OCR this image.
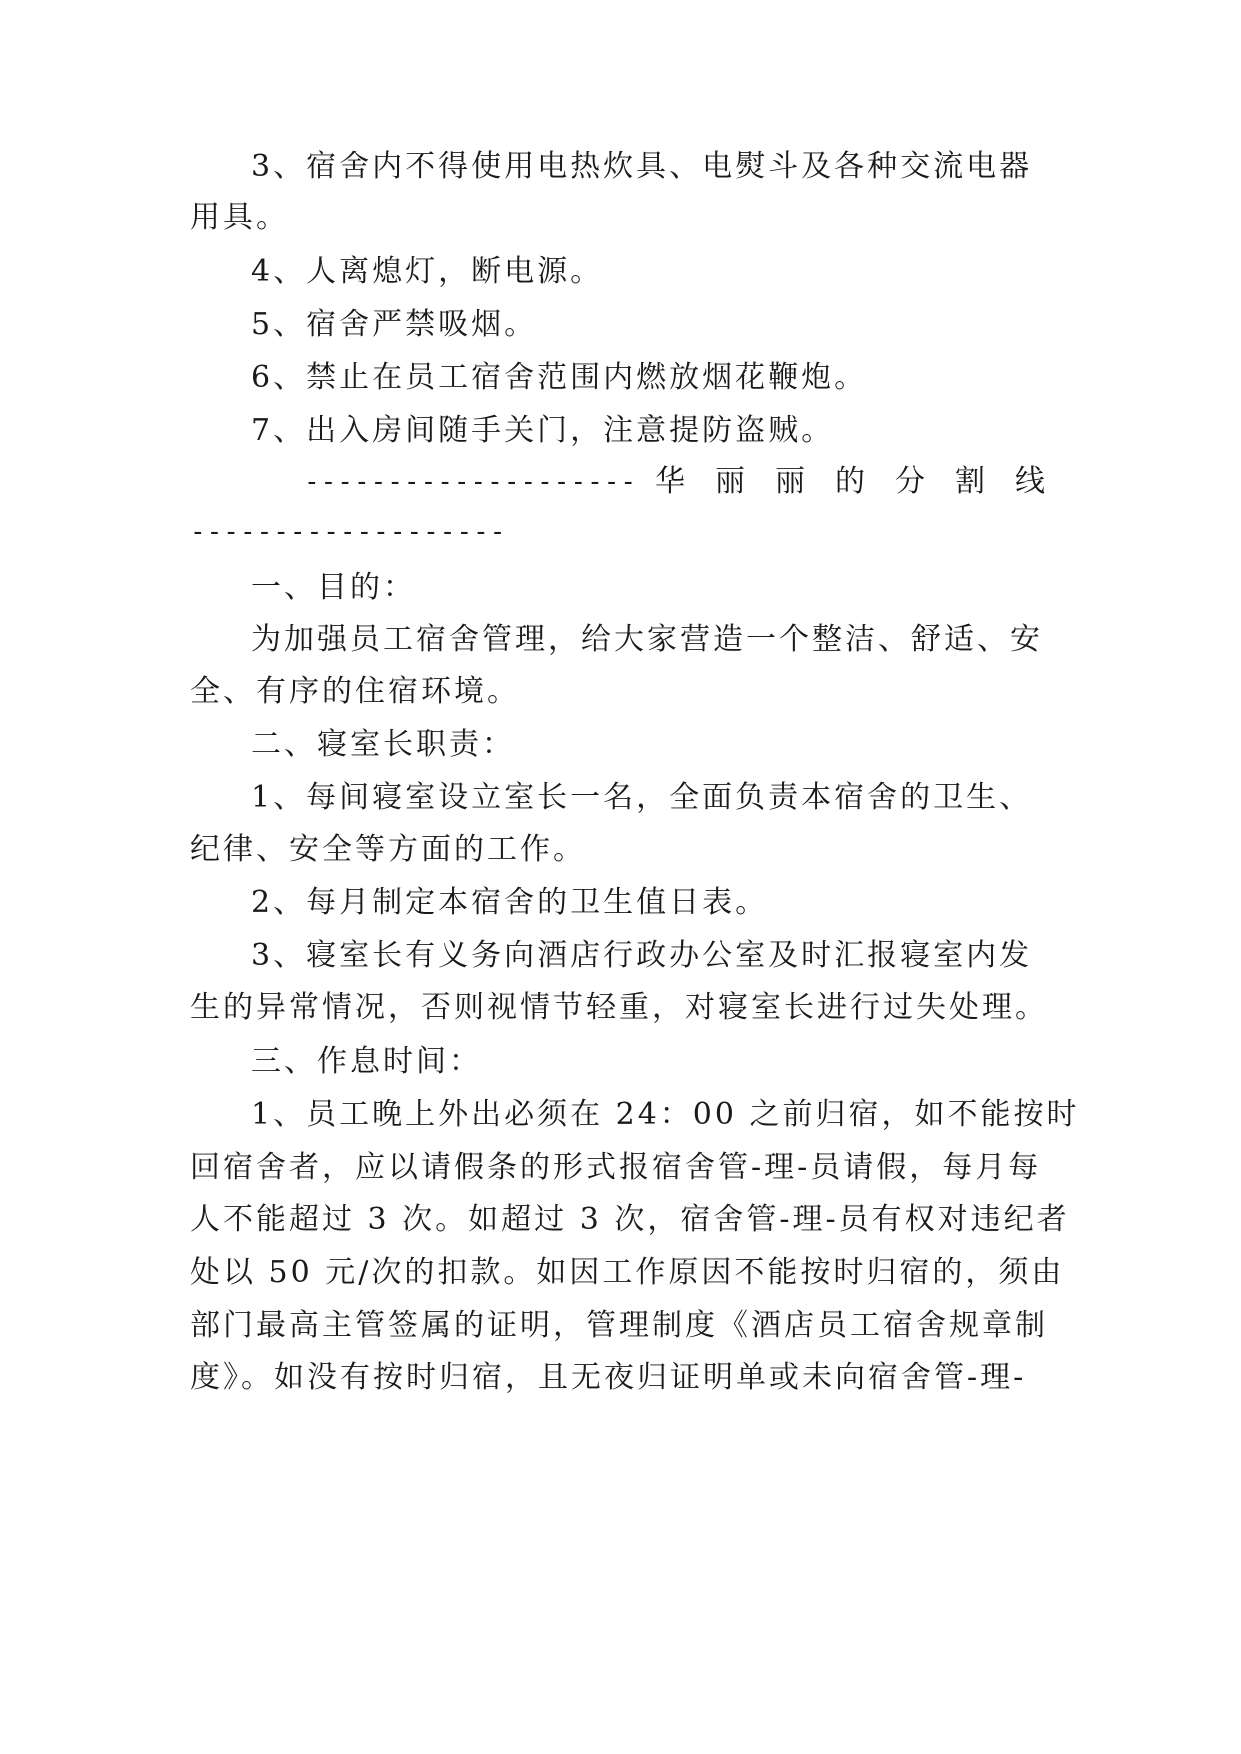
3、宿舍内不得使用电热炊具、电熨斗及各种交流电器
用具。
4、人离熄灯，断电源。
5、宿舍严禁吸烟。
6、禁止在员工宿舍范围内燃放烟花鞭炮。
7、出入房间随手关门，注意提防盗贼。
-------------------- 华丽丽的分割线
-------------------
一、目的：
为加强员工宿舍管理，给大家营造一个整洁、舒适、安
全、有序的住宿环境。
二、寝室长职责：
1、每间寝室设立室长一名，全面负责本宿舍的卫生、
纪律、安全等方面的工作。
2、每月制定本宿舍的卫生值日表。
3、寝室长有义务向酒店行政办公室及时汇报寝室内发
生的异常情况，否则视情节轻重，对寝室长进行过失处理。
三、作息时间：
1、员工晚上外出必须在 24：00 之前归宿，如不能按时
回宿舍者，应以请假条的形式报宿舍管-理-员请假，每月每
人不能超过 3 次。如超过 3 次，宿舍管-理-员有权对违纪者
处以 50 元/次的扣款。如因工作原因不能按时归宿的，须由
部门最高主管签属的证明，管理制度《酒店员工宿舍规章制
度》。如没有按时归宿，且无夜归证明单或未向宿舍管-理-
